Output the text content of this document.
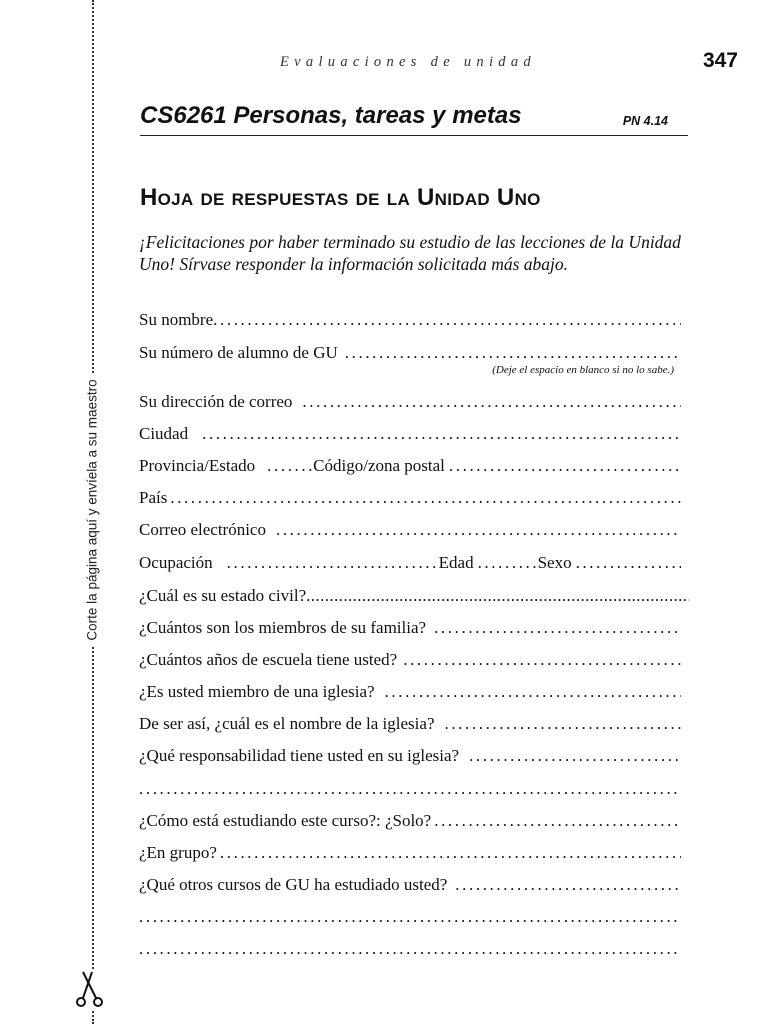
Corte la página aquí y envíela a su maestro
Evaluaciones de unidad	347
CS6261 Personas, tareas y metas	PN 4.14
Hoja de respuestas de la Unidad Uno
¡Felicitaciones por haber terminado su estudio de las lecciones de la Unidad Uno! Sírvase responder la información solicitada más abajo.
Su nombre
.....
Su número de alumno de GU
.....
(Deje el espacio en blanco si no lo sabe.)
Su dirección de correo
.....
Ciudad
.....
Provincia/Estado .....	Código/zona postal
.....
País
.....
Correo electrónico
.....
Ocupación .....	Edad .....	Sexo
.....
¿Cuál es su estado civil?
.....
¿Cuántos son los miembros de su familia?
.....
¿Cuántos años de escuela tiene usted?
.....
¿Es usted miembro de una iglesia?
.....
De ser así, ¿cuál es el nombre de la iglesia?
.....
¿Qué responsabilidad tiene usted en su iglesia?
.....
.....
¿Cómo está estudiando este curso?: ¿Solo?
.....
¿En grupo?
.....
¿Qué otros cursos de GU ha estudiado usted?
.....
.....
.....
